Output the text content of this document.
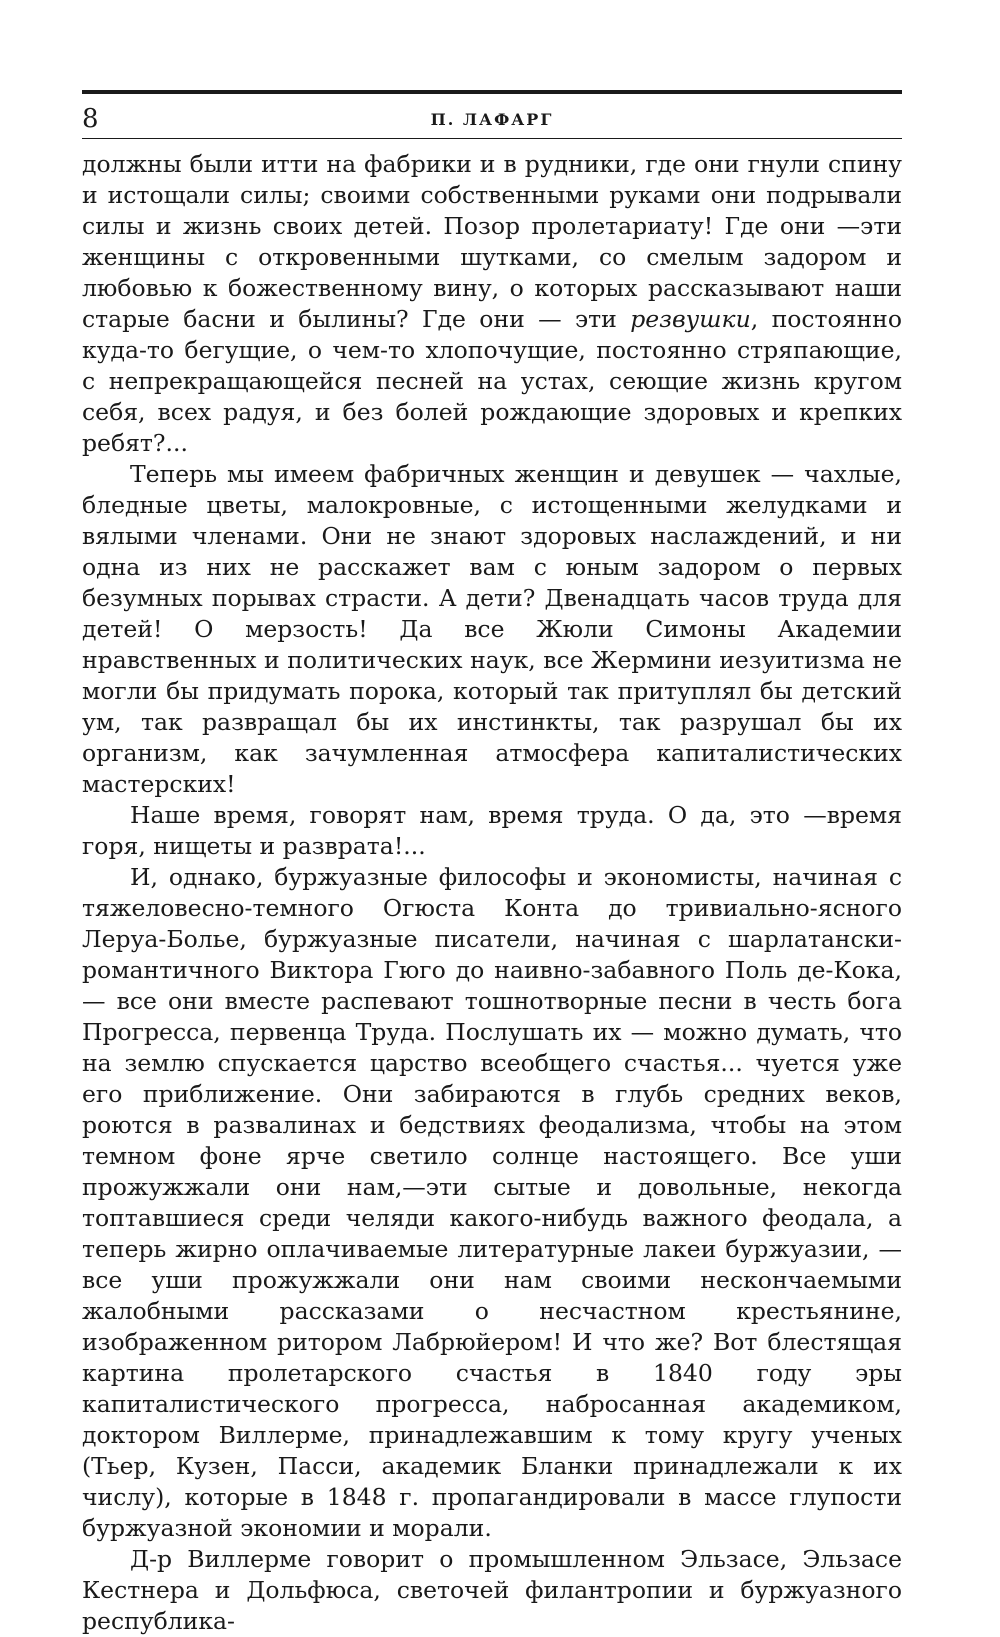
8	П. ЛАФАРГ

должны были итти на фабрики и в рудники, где они гнули спину и истощали силы; своими собственными руками они подрывали силы и жизнь своих детей. Позор пролетариату! Где они —эти женщины с откровенными шутками, со смелым задором и любовью к божественному вину, о которых рассказывают наши старые басни и былины? Где они — эти резвушки, постоянно куда-то бегущие, о чем-то хлопочущие, постоянно стряпающие, с непрекращающейся песней на устах, сеющие жизнь кругом себя, всех радуя, и без болей рождающие здоровых и крепких ребят?...

Теперь мы имеем фабричных женщин и девушек — чахлые, бледные цветы, малокровные, с истощенными желудками и вялыми членами. Они не знают здоровых наслаждений, и ни одна из них не расскажет вам с юным задором о первых безумных порывах страсти. А дети? Двенадцать часов труда для детей! О мерзость! Да все Жюли Симоны Академии нравственных и политических наук, все Жермини иезуитизма не могли бы придумать порока, который так притуплял бы детский ум, так развращал бы их инстинкты, так разрушал бы их организм, как зачумленная атмосфера капиталистических мастерских!

Наше время, говорят нам, время труда. О да, это —время горя, нищеты и разврата!...

И, однако, буржуазные философы и экономисты, начиная с тяжеловесно-темного Огюста Конта до тривиально-ясного Леруа-Болье, буржуазные писатели, начиная с шарлатански-романтичного Виктора Гюго до наивно-забавного Поль де-Кока, — все они вместе распевают тошнотворные песни в честь бога Прогресса, первенца Труда. Послушать их — можно думать, что на землю спускается царство всеобщего счастья... чуется уже его приближение. Они забираются в глубь средних веков, роются в развалинах и бедствиях феодализма, чтобы на этом темном фоне ярче светило солнце настоящего. Все уши прожужжали они нам,—эти сытые и довольные, некогда топтавшиеся среди челяди какого-нибудь важного феодала, а теперь жирно оплачиваемые литературные лакеи буржуазии, — все уши прожужжали они нам своими нескончаемыми жалобными рассказами о несчастном крестьянине, изображенном ритором Лабрюйером! И что же? Вот блестящая картина пролетарского счастья в 1840 году эры капиталистического прогресса, набросанная академиком, доктором Виллерме, принадлежавшим к тому кругу ученых (Тьер, Кузен, Пасси, академик Бланки принадлежали к их числу), которые в 1848 г. пропагандировали в массе глупости буржуазной экономии и морали.

Д-р Виллерме говорит о промышленном Эльзасе, Эльзасе Кестнера и Дольфюса, светочей филантропии и буржуазного республика-
